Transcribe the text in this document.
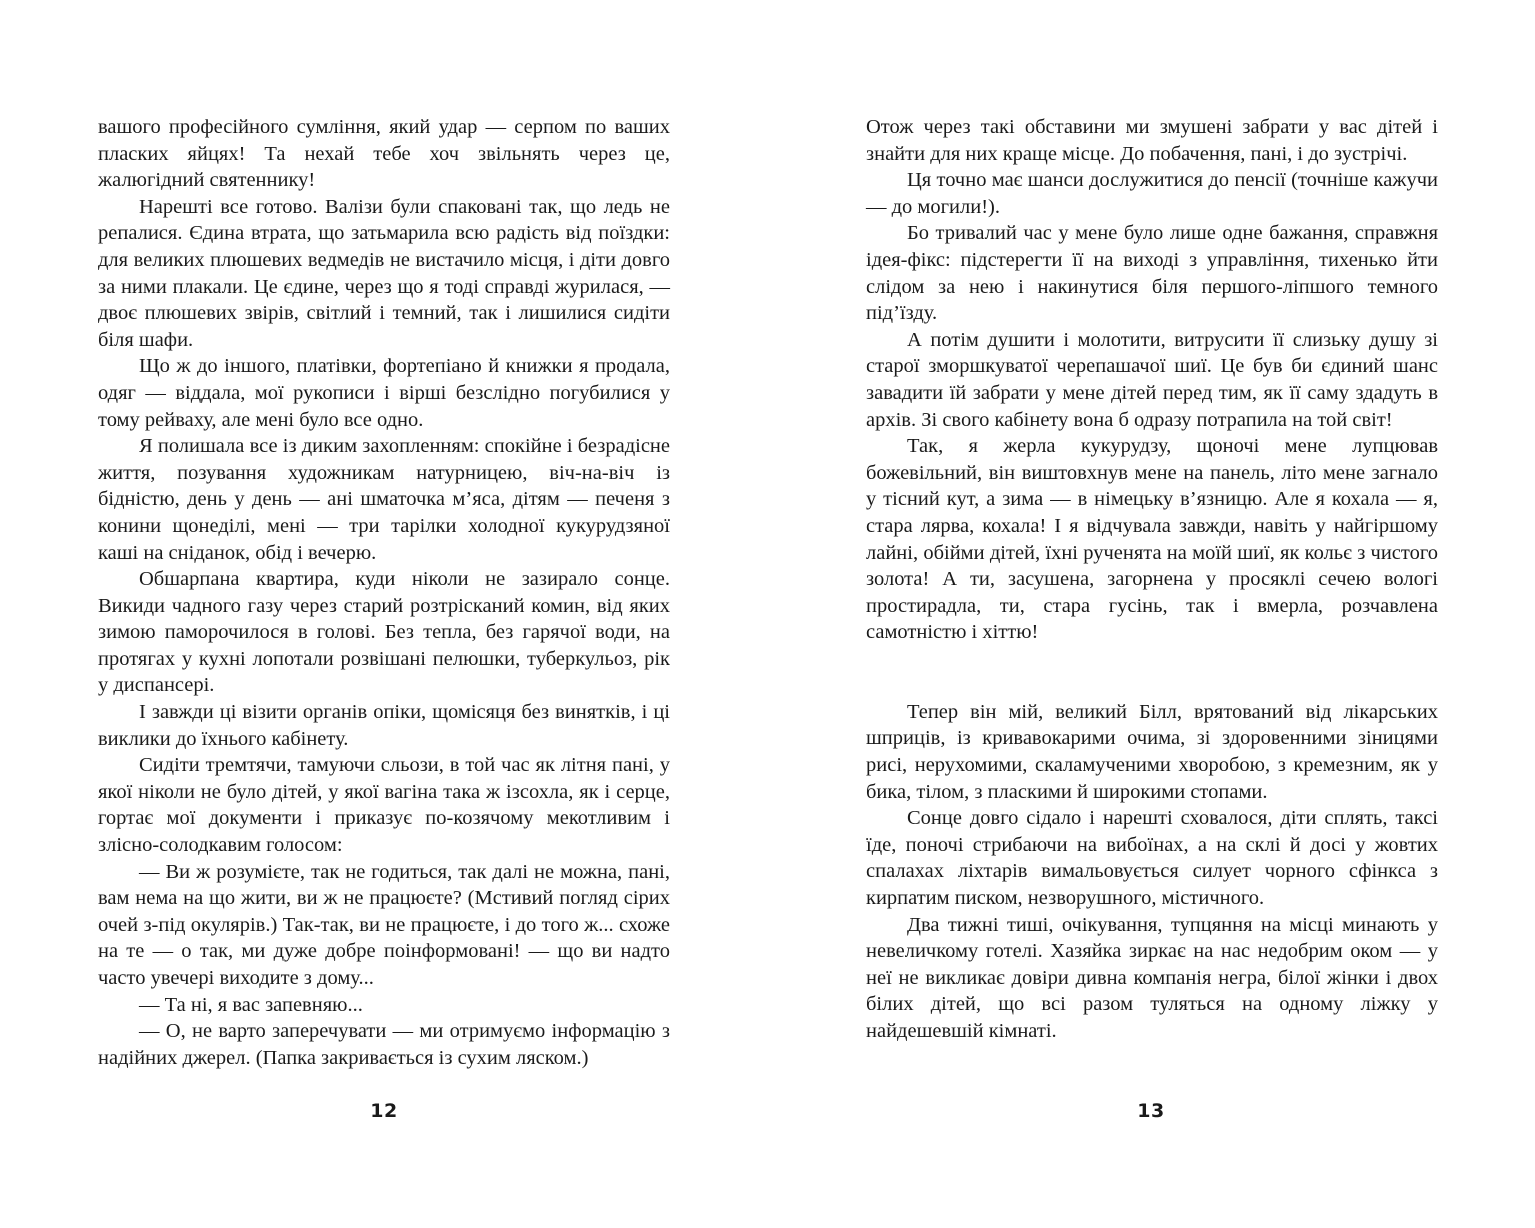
вашого професійного сумління, який удар — серпом по ваших пласких яйцях! Та нехай тебе хоч звільнять через це, жалюгідний святеннику!

Нарешті все готово. Валізи були спаковані так, що ледь не репалися. Єдина втрата, що затьмарила всю радість від поїздки: для великих плюшевих ведмедів не вистачило місця, і діти довго за ними плакали. Це єдине, через що я тоді справді журилася, — двоє плюшевих звірів, світлий і темний, так і лишилися сидіти біля шафи.

Що ж до іншого, платівки, фортепіано й книжки я продала, одяг — віддала, мої рукописи і вірші безслідно погубилися у тому рейваху, але мені було все одно.

Я полишала все із диким захопленням: спокійне і безрадісне життя, позування художникам натурницею, віч-на-віч із бідністю, день у день — ані шматочка м’яса, дітям — печеня з конини щонеділі, мені — три тарілки холодної кукурудзяної каші на сніданок, обід і вечерю.

Обшарпана квартира, куди ніколи не зазирало сонце. Викиди чадного газу через старий розтрісканий комин, від яких зимою паморочилося в голові. Без тепла, без гарячої води, на протягах у кухні лопотали розвішані пелюшки, туберкульоз, рік у диспансері.

І завжди ці візити органів опіки, щомісяця без винятків, і ці виклики до їхнього кабінету.

Сидіти тремтячи, тамуючи сльози, в той час як літня пані, у якої ніколи не було дітей, у якої вагіна така ж ізсохла, як і серце, гортає мої документи і приказує по-козячому мекотливим і злісно-солодкавим голосом:

— Ви ж розумієте, так не годиться, так далі не можна, пані, вам нема на що жити, ви ж не працюєте? (Мстивий погляд сірих очей з-під окулярів.) Так-так, ви не працюєте, і до того ж... схоже на те — о так, ми дуже добре поінформовані! — що ви надто часто увечері виходите з дому...

— Та ні, я вас запевняю...

— О, не варто заперечувати — ми отримуємо інформацію з надійних джерел. (Папка закривається із сухим ляском.)

12

Отож через такі обставини ми змушені забрати у вас дітей і знайти для них краще місце. До побачення, пані, і до зустрічі.

Ця точно має шанси дослужитися до пенсії (точніше кажучи — до могили!).

Бо тривалий час у мене було лише одне бажання, справжня ідея-фікс: підстерегти її на виході з управління, тихенько йти слідом за нею і накинутися біля першого-ліпшого темного під’їзду.

А потім душити і молотити, витрусити її слизьку душу зі старої зморшкуватої черепашачої шиї. Це був би єдиний шанс завадити їй забрати у мене дітей перед тим, як її саму здадуть в архів. Зі свого кабінету вона б одразу потрапила на той світ!

Так, я жерла кукурудзу, щоночі мене лупцював божевільний, він виштовхнув мене на панель, літо мене загнало у тісний кут, а зима — в німецьку в’язницю. Але я кохала — я, стара лярва, кохала! І я відчувала завжди, навіть у найгіршому лайні, обійми дітей, їхні рученята на моїй шиї, як кольє з чистого золота! А ти, засушена, загорнена у просяклі сечею вологі простирадла, ти, стара гусінь, так і вмерла, розчавлена самотністю і хіттю!

Тепер він мій, великий Білл, врятований від лікарських шприців, із кривавокарими очима, зі здоровенними зіницями рисі, нерухомими, скаламученими хворобою, з кремезним, як у бика, тілом, з пласкими й широкими стопами.

Сонце довго сідало і нарешті сховалося, діти сплять, таксі їде, поночі стрибаючи на вибоїнах, а на склі й досі у жовтих спалахах ліхтарів вимальовується силует чорного сфінкса з кирпатим писком, незворушного, містичного.

Два тижні тиші, очікування, тупцяння на місці минають у невеличкому готелі. Хазяйка зиркає на нас недобрим оком — у неї не викликає довіри дивна компанія негра, білої жінки і двох білих дітей, що всі разом туляться на одному ліжку у найдешевшій кімнаті.

13
